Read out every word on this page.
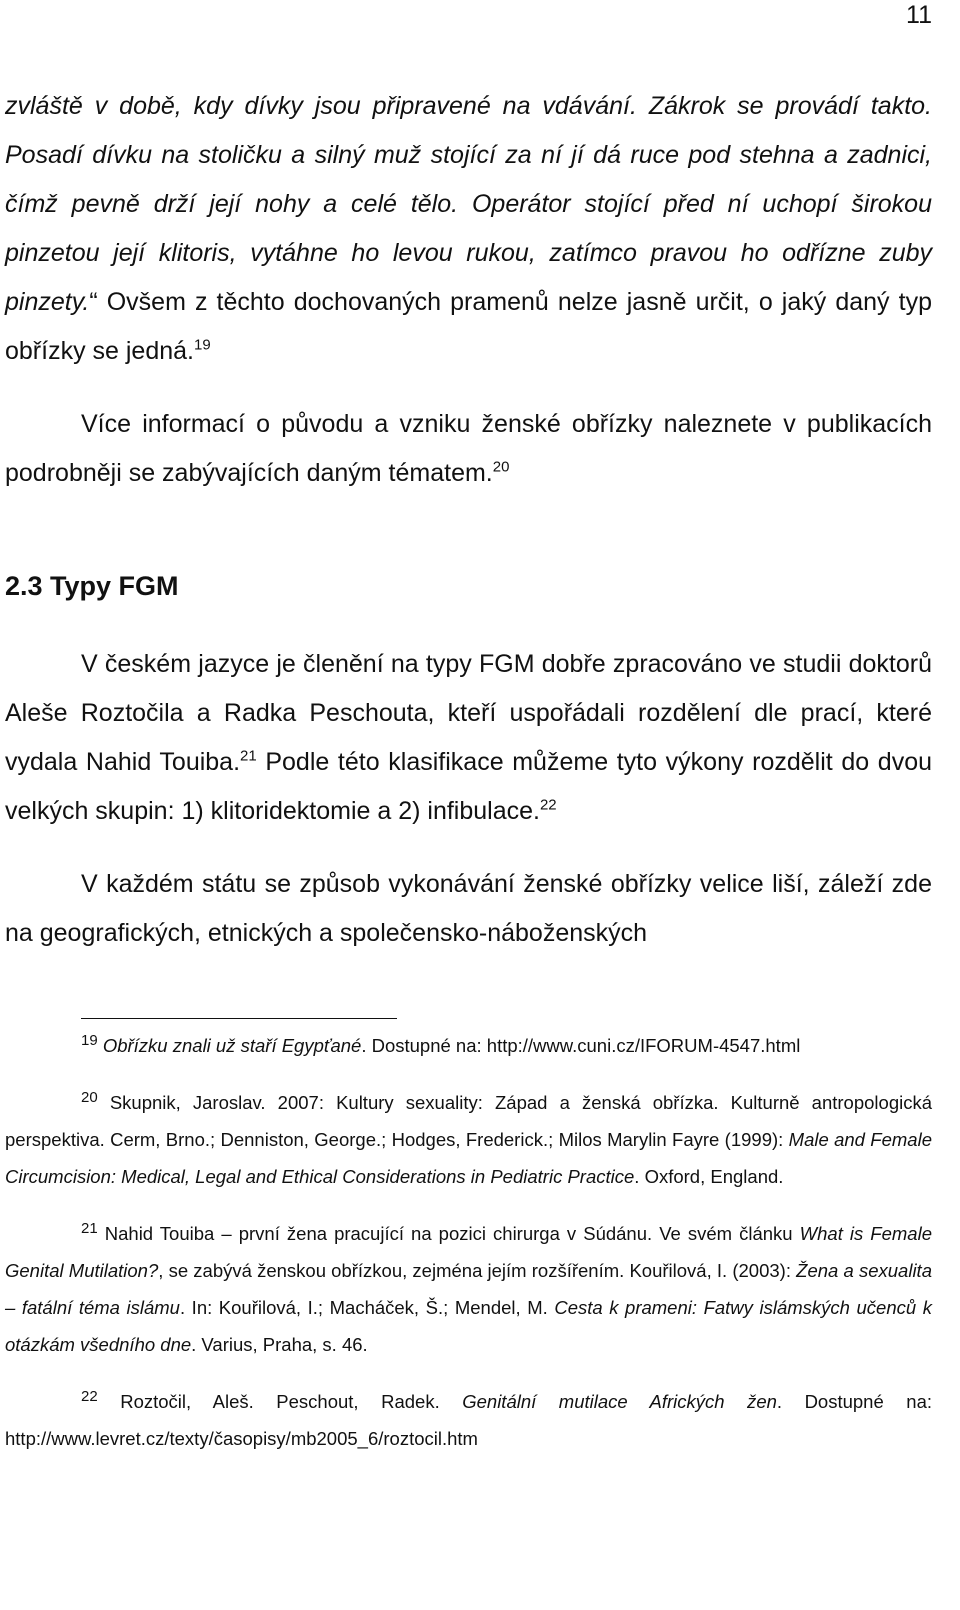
11

zvláště v době, kdy dívky jsou připravené na vdávání. Zákrok se provádí takto. Posadí dívku na stoličku a silný muž stojící za ní jí dá ruce pod stehna a zadnici, čímž pevně drží její nohy a celé tělo. Operátor stojící před ní uchopí širokou pinzetou její klitoris, vytáhne ho levou rukou, zatímco pravou ho odřízne zuby pinzety.“ Ovšem z těchto dochovaných pramenů nelze jasně určit, o jaký daný typ obřízky se jedná.$^{19}$

Více informací o původu a vzniku ženské obřízky naleznete v publikacích podrobněji se zabývajících daným tématem.$^{20}$

2.3 Typy FGM

V českém jazyce je členění na typy FGM dobře zpracováno ve studii doktorů Aleše Roztočila a Radka Peschouta, kteří uspořádali rozdělení dle prací, které vydala Nahid Touiba.$^{21}$ Podle této klasifikace můžeme tyto výkony rozdělit do dvou velkých skupin: 1) klitoridektomie a 2) infibulace.$^{22}$

V každém státu se způsob vykonávání ženské obřízky velice liší, záleží zde na geografických, etnických a společensko-náboženských

$^{19}$ Obřízku znali už staří Egypťané. Dostupné na: http://www.cuni.cz/IFORUM-4547.html

$^{20}$ Skupnik, Jaroslav. 2007: Kultury sexuality: Západ a ženská obřízka. Kulturně antropologická perspektiva. Cerm, Brno.; Denniston, George.; Hodges, Frederick.; Milos Marylin Fayre (1999): Male and Female Circumcision: Medical, Legal and Ethical Considerations in Pediatric Practice. Oxford, England.

$^{21}$ Nahid Touiba – první žena pracující na pozici chirurga v Súdánu. Ve svém článku What is Female Genital Mutilation?, se zabývá ženskou obřízkou, zejména jejím rozšířením. Kouřilová, I. (2003): Žena a sexualita – fatální téma islámu. In: Kouřilová, I.; Macháček, Š.; Mendel, M. Cesta k prameni: Fatwy islámských učenců k otázkám všedního dne. Varius, Praha, s. 46.

$^{22}$ Roztočil, Aleš. Peschout, Radek. Genitální mutilace Afrických žen. Dostupné na: http://www.levret.cz/texty/časopisy/mb2005_6/roztocil.htm
